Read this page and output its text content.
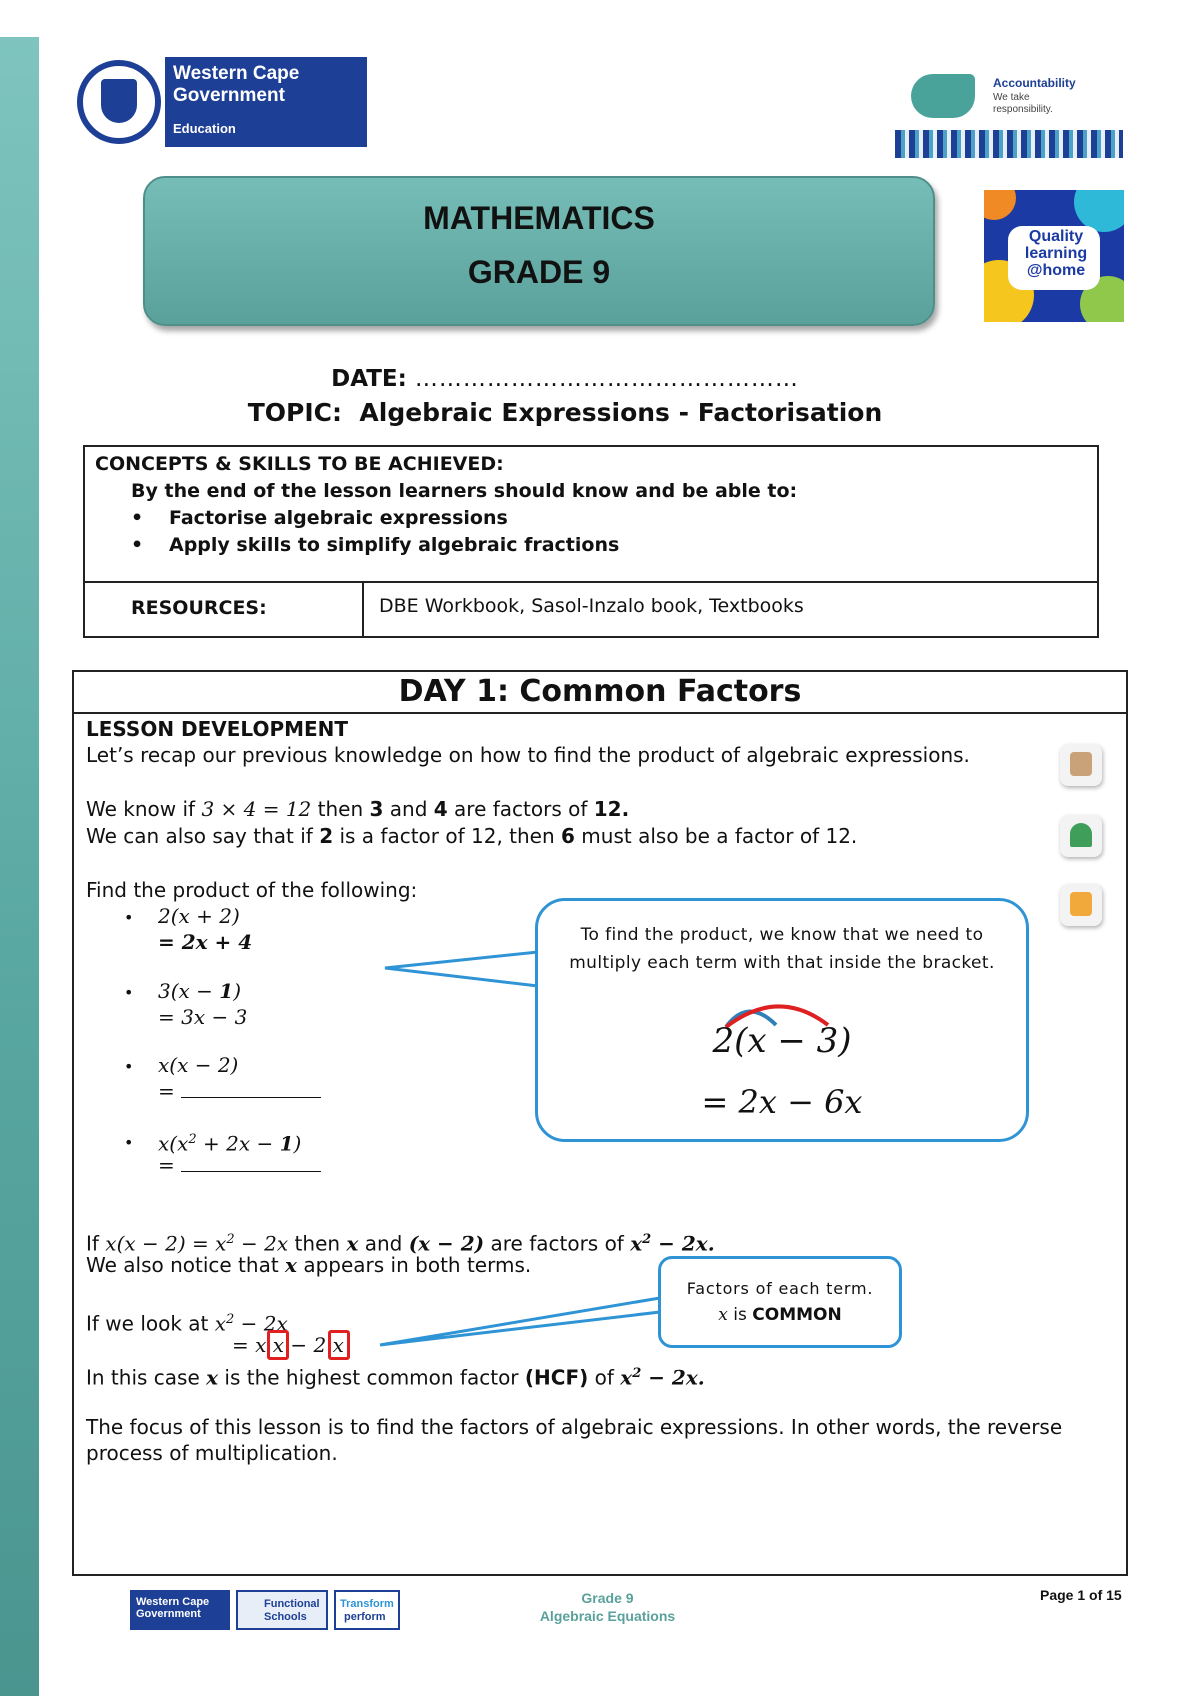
Western Cape
Government
Education
Accountability
We take
responsibility.
MATHEMATICS
GRADE 9
Quality
learning
@home
DATE: …………………………………………
TOPIC: Algebraic Expressions - Factorisation
CONCEPTS & SKILLS TO BE ACHIEVED:
By the end of the lesson learners should know and be able to:
• Factorise algebraic expressions
• Apply skills to simplify algebraic fractions
RESOURCES:	DBE Workbook, Sasol-Inzalo book, Textbooks
DAY 1: Common Factors
LESSON DEVELOPMENT
Let’s recap our previous knowledge on how to find the product of algebraic expressions.
We know if 3 × 4 = 12 then 3 and 4 are factors of 12.
We can also say that if 2 is a factor of 12, then 6 must also be a factor of 12.
Find the product of the following:
• 2(x + 2)
= 2x + 4
• 3(x − 1)
= 3x − 3
• x(x − 2)
=
• $x(x^2 + 2x - 1)$
=
If $x(x - 2) = x^2 - 2x$ then x and (x − 2) are factors of $x^2 - 2x$.
We also notice that x appears in both terms.
If we look at $x^2 - 2x$
= x x − 2 x
In this case x is the highest common factor (HCF) of $x^2 - 2x$.
The focus of this lesson is to find the factors of algebraic expressions. In other words, the reverse
process of multiplication.
To find the product, we know that we need to
multiply each term with that inside the bracket.
2(x − 3)
= 2x − 6x
Factors of each term.
x is COMMON
Western Cape Government
Functional
Schools
Transform
perform
Grade 9
Algebraic Equations
Page 1 of 15
